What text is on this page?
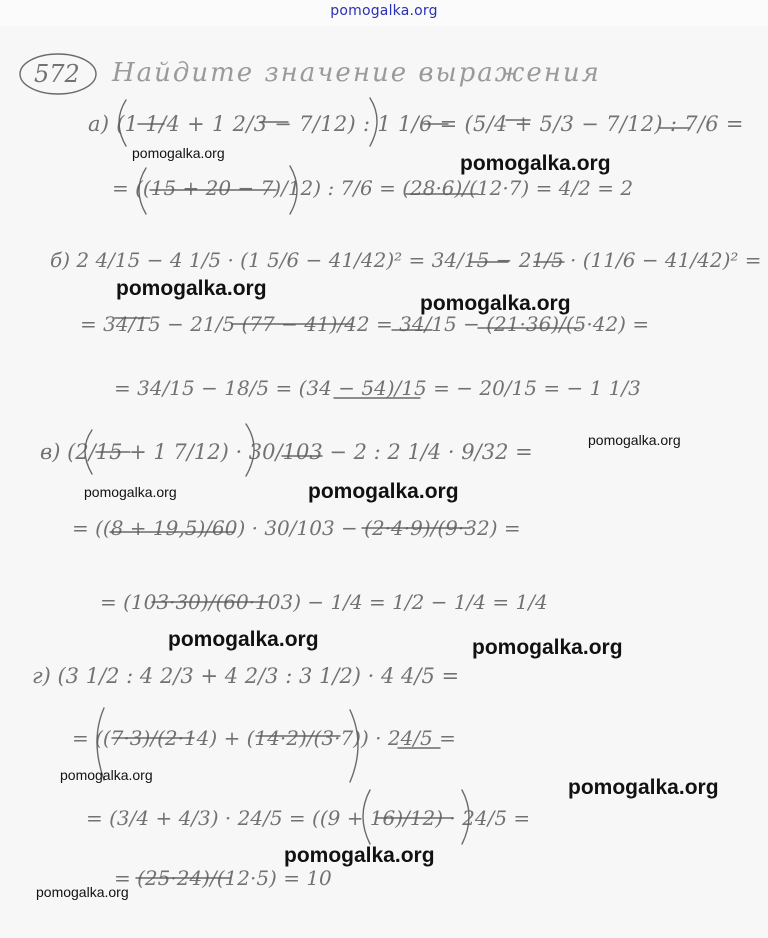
pomogalka.org
572 Найдите значение выражения
а) (1 1/4 + 1 2/3 − 7/12) : 1 1/6 = (5/4 + 5/3 − 7/12) : 7/6 =
= ((15 + 20 − 7)/12) : 7/6 = (28·6)/(12·7) = 4/2 = 2
б) 2 4/15 − 4 1/5 · (1 5/6 − 41/42)² = 34/15 − 21/5 · (11/6 − 41/42)² =
= 34/15 − 21/5 (77 − 41)/42 = 34/15 − (21·36)/(5·42) =
= 34/15 − 18/5 = (34 − 54)/15 = − 20/15 = − 1 1/3
в) (2/15 + 1 7/12) · 30/103 − 2 : 2 1/4 · 9/32 =
= ((8 + 19,5)/60) · 30/103 − (2·4·9)/(9·32) =
= (103·30)/(60·103) − 1/4 = 1/2 − 1/4 = 1/4
г) (3 1/2 : 4 2/3 + 4 2/3 : 3 1/2) · 4 4/5 =
= ((7·3)/(2·14) + (14·2)/(3·7)) · 24/5 =
= (3/4 + 4/3) · 24/5 = ((9 + 16)/12) · 24/5 =
= (25·24)/(12·5) = 10
pomogalka.org	pomogalka.org
pomogalka.org
pomogalka.org
pomogalka.org
pomogalka.org	pomogalka.org
pomogalka.org	pomogalka.org
pomogalka.org
pomogalka.org
pomogalka.org
pomogalka.org
